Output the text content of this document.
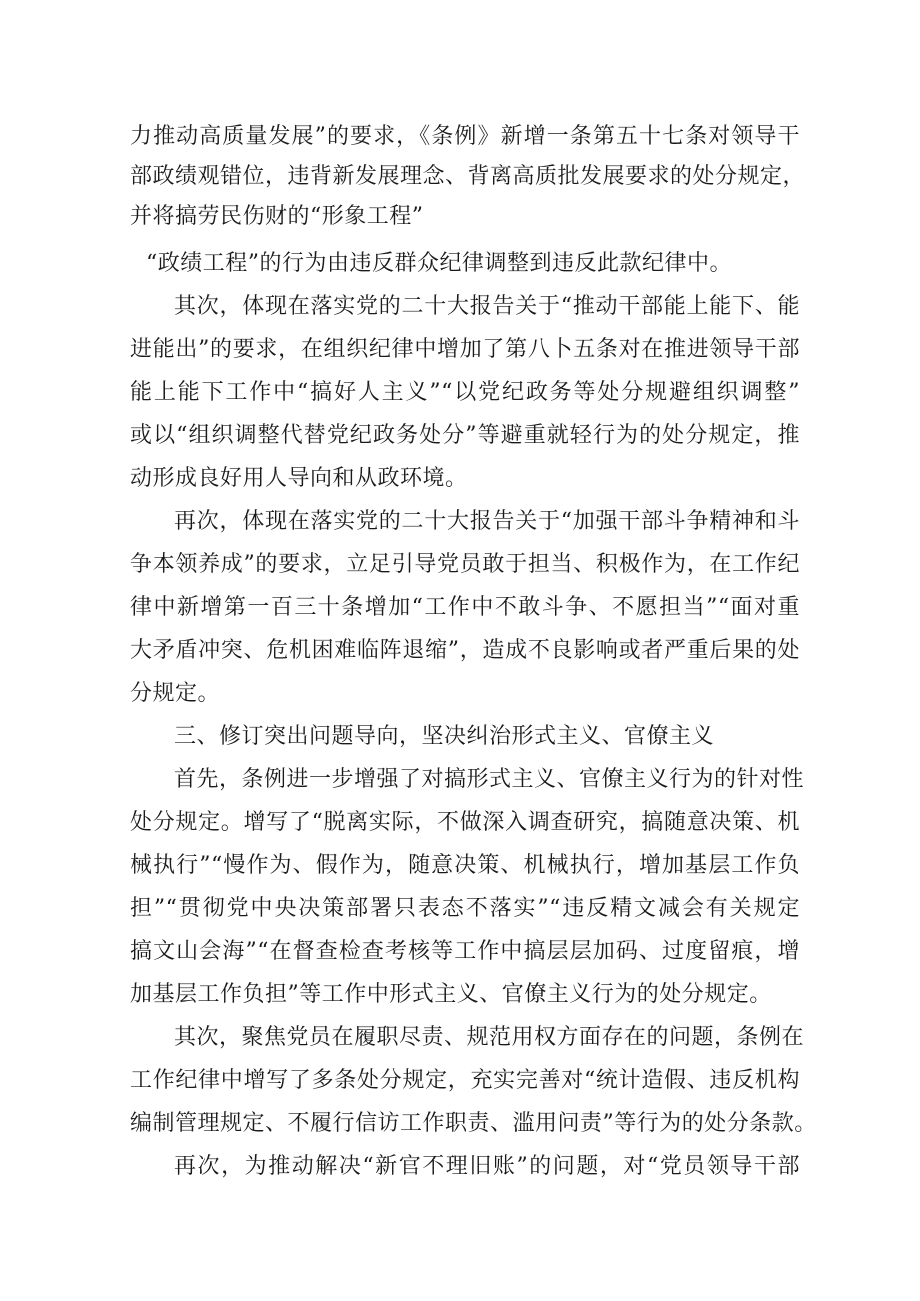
力推动高质量发展”的要求，《条例》新增一条第五十七条对领导干
部政绩观错位，违背新发展理念、背离高质批发展要求的处分规定，
并将搞劳民伤财的“形象工程”
“政绩工程”的行为由违反群众纪律调整到违反此款纪律中。
其次，体现在落实党的二十大报告关于“推动干部能上能下、能
进能出”的要求，在组织纪律中增加了第八卜五条对在推进领导干部
能上能下工作中“搞好人主义”“以党纪政务等处分规避组织调整”
或以“组织调整代替党纪政务处分”等避重就轻行为的处分规定，推
动形成良好用人导向和从政环境。
再次，体现在落实党的二十大报告关于“加强干部斗争精神和斗
争本领养成”的要求，立足引导党员敢于担当、积极作为，在工作纪
律中新增第一百三十条增加“工作中不敢斗争、不愿担当”“面对重
大矛盾冲突、危机困难临阵退缩”，造成不良影响或者严重后果的处
分规定。
三、修订突出问题导向，坚决纠治形式主义、官僚主义
首先，条例进一步增强了对搞形式主义、官僚主义行为的针对性
处分规定。增写了“脱离实际，不做深入调查研究，搞随意决策、机
械执行”“慢作为、假作为，随意决策、机械执行，增加基层工作负
担”“贯彻党中央决策部署只表态不落实”“违反精文减会有关规定
搞文山会海”“在督查检查考核等工作中搞层层加码、过度留痕，增
加基层工作负担”等工作中形式主义、官僚主义行为的处分规定。
其次，聚焦党员在履职尽责、规范用权方面存在的问题，条例在
工作纪律中增写了多条处分规定，充实完善对“统计造假、违反机构
编制管理规定、不履行信访工作职责、滥用问责”等行为的处分条款。
再次，为推动解决“新官不理旧账”的问题，对“党员领导干部
